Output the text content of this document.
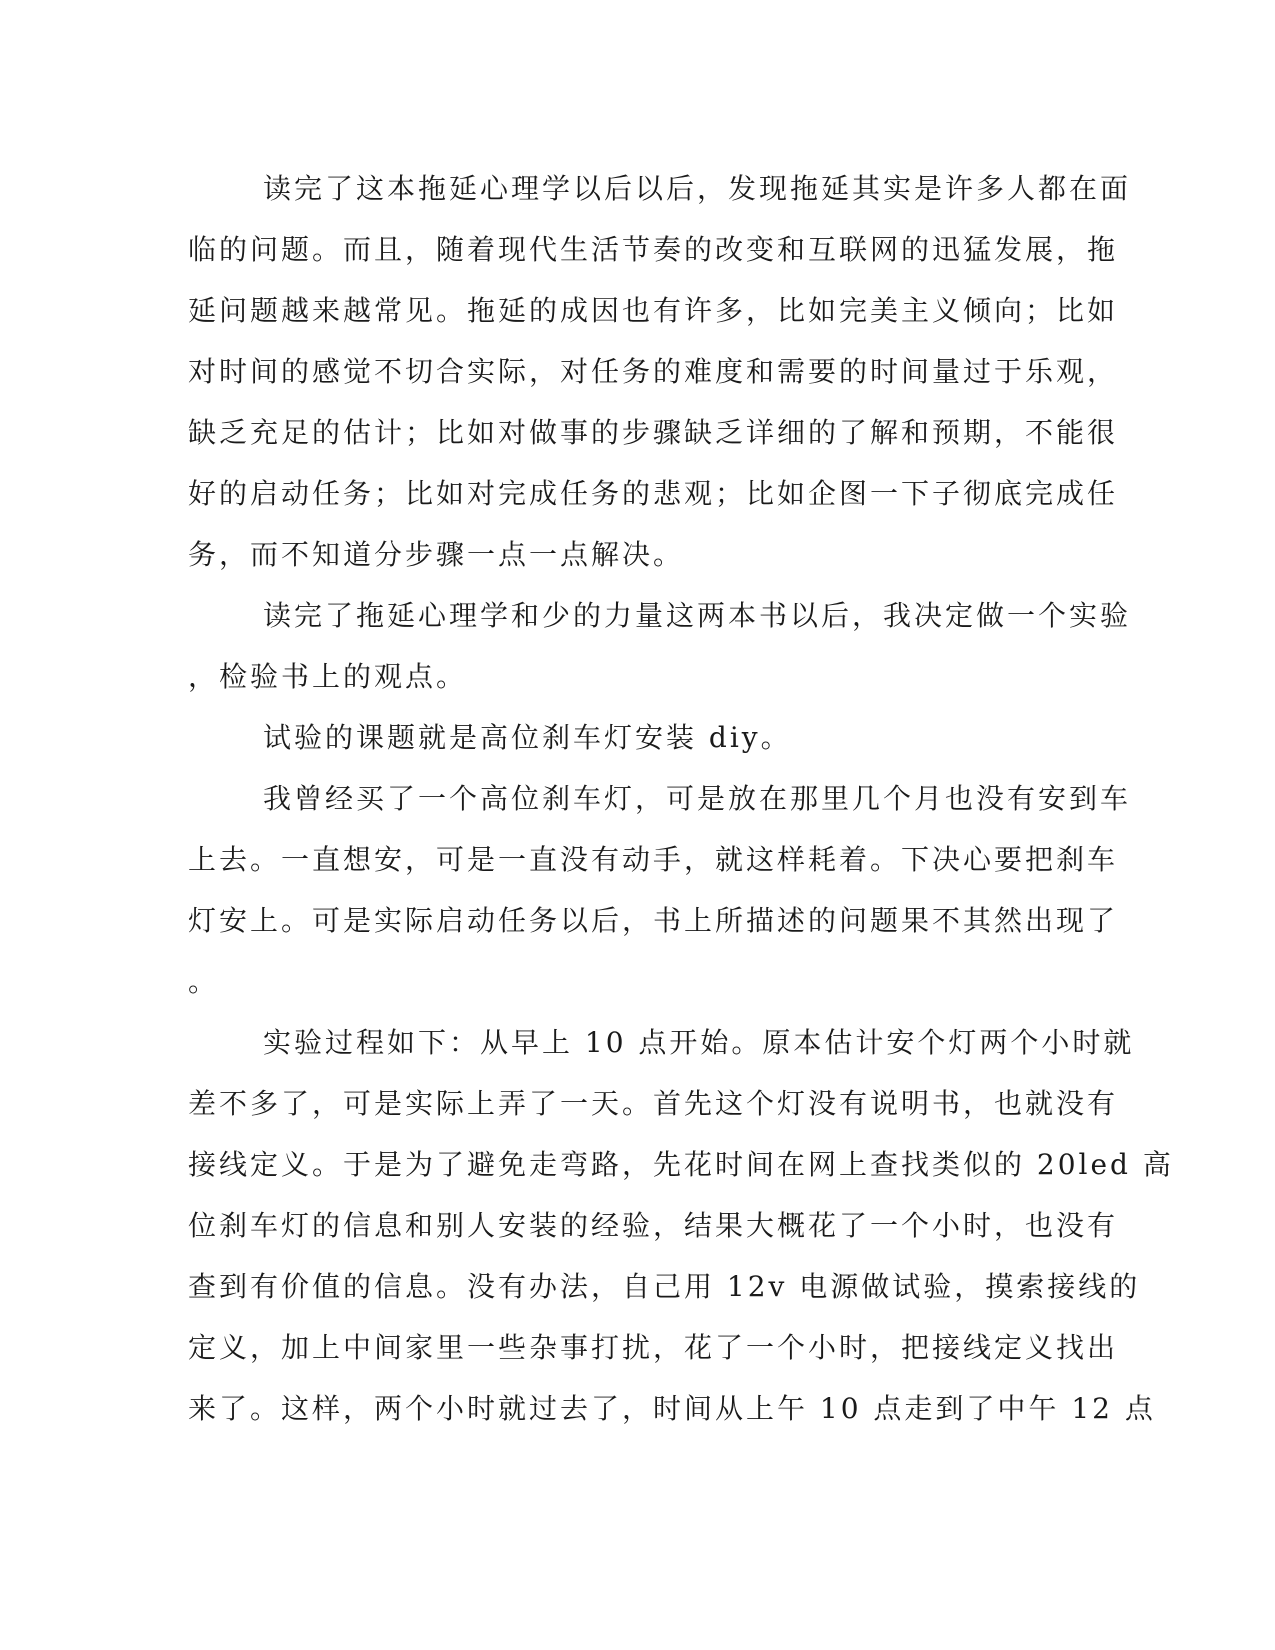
读完了这本拖延心理学以后以后，发现拖延其实是许多人都在面
临的问题。而且，随着现代生活节奏的改变和互联网的迅猛发展，拖
延问题越来越常见。拖延的成因也有许多，比如完美主义倾向；比如
对时间的感觉不切合实际，对任务的难度和需要的时间量过于乐观，
缺乏充足的估计；比如对做事的步骤缺乏详细的了解和预期，不能很
好的启动任务；比如对完成任务的悲观；比如企图一下子彻底完成任
务，而不知道分步骤一点一点解决。
读完了拖延心理学和少的力量这两本书以后，我决定做一个实验
，检验书上的观点。
试验的课题就是高位刹车灯安装 diy。
我曾经买了一个高位刹车灯，可是放在那里几个月也没有安到车
上去。一直想安，可是一直没有动手，就这样耗着。下决心要把刹车
灯安上。可是实际启动任务以后，书上所描述的问题果不其然出现了
。
实验过程如下：从早上 10 点开始。原本估计安个灯两个小时就
差不多了，可是实际上弄了一天。首先这个灯没有说明书，也就没有
接线定义。于是为了避免走弯路，先花时间在网上查找类似的 20led 高
位刹车灯的信息和别人安装的经验，结果大概花了一个小时，也没有
查到有价值的信息。没有办法，自己用 12v 电源做试验，摸索接线的
定义，加上中间家里一些杂事打扰，花了一个小时，把接线定义找出
来了。这样，两个小时就过去了，时间从上午 10 点走到了中午 12 点
